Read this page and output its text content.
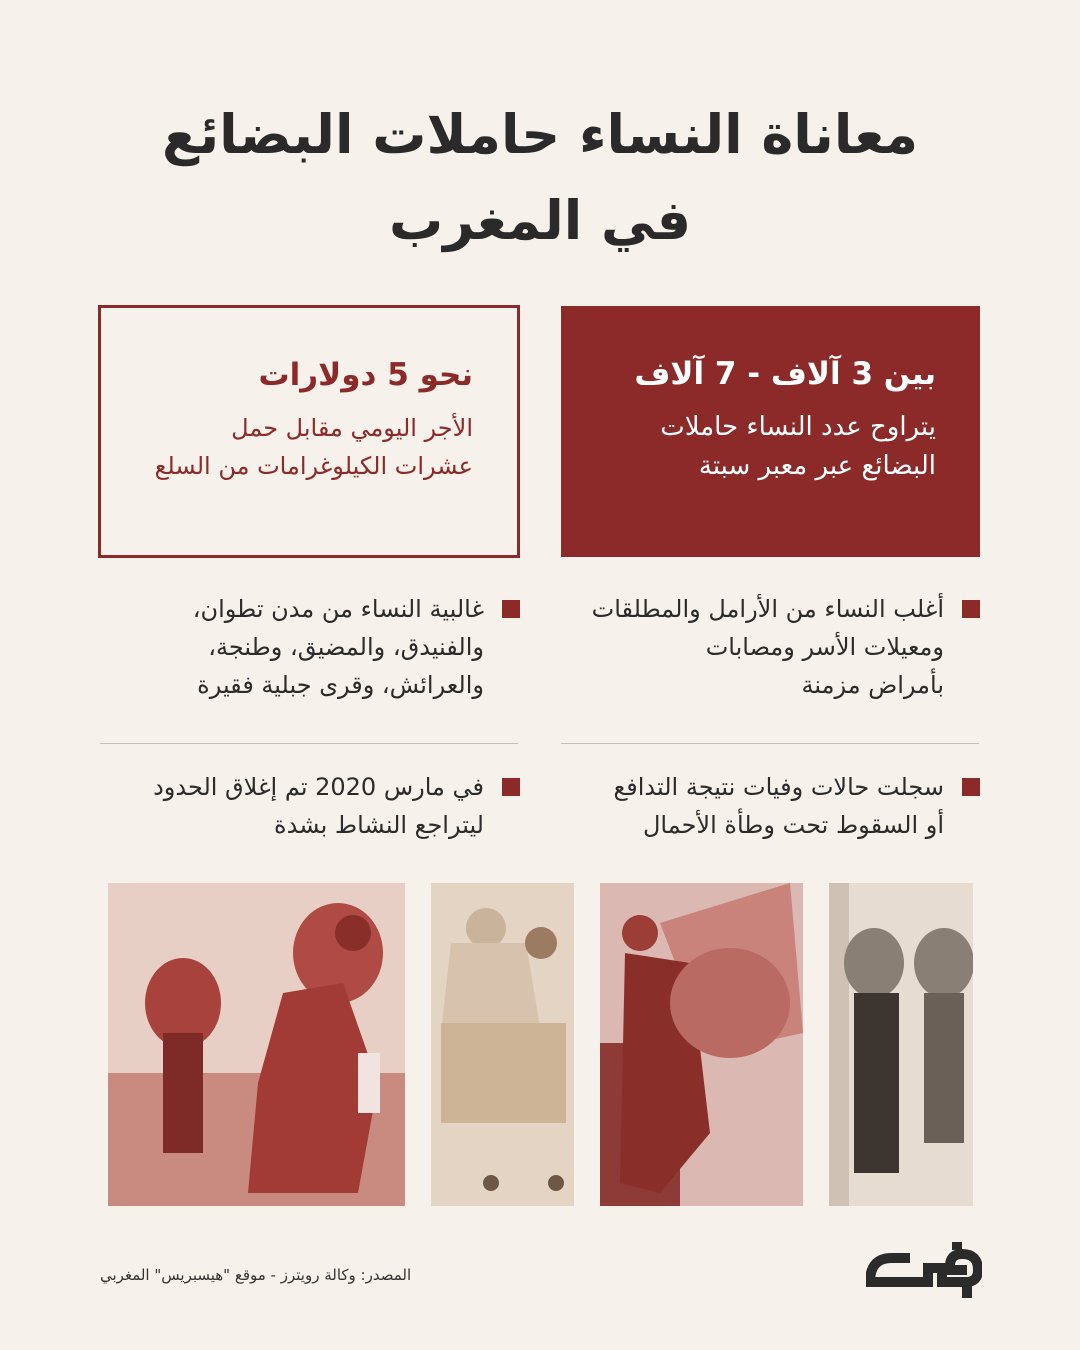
معاناة النساء حاملات البضائع
في المغرب
بين 3 آلاف - 7 آلاف
يتراوح عدد النساء حاملات
البضائع عبر معبر سبتة
نحو 5 دولارات
الأجر اليومي مقابل حمل
عشرات الكيلوغرامات من السلع
أغلب النساء من الأرامل والمطلقات
ومعيلات الأسر ومصابات
بأمراض مزمنة
غالبية النساء من مدن تطوان،
والفنيدق، والمضيق، وطنجة،
والعرائش، وقرى جبلية فقيرة
سجلت حالات وفيات نتيجة التدافع
أو السقوط تحت وطأة الأحمال
في مارس 2020 تم إغلاق الحدود
ليتراجع النشاط بشدة
المصدر: وكالة رويترز - موقع "هيسبريس" المغربي
